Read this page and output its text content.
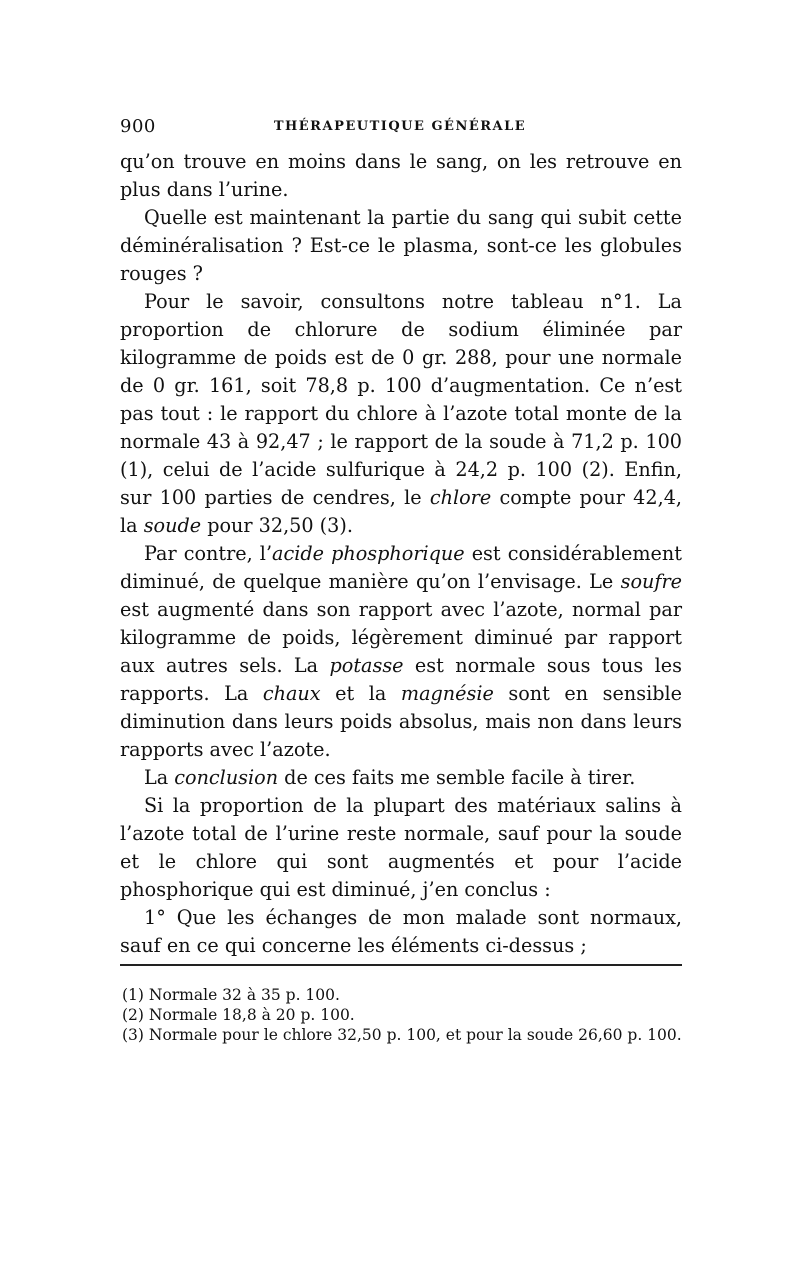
900	THÉRAPEUTIQUE GÉNÉRALE

qu’on trouve en moins dans le sang, on les retrouve en plus dans l’urine.

Quelle est maintenant la partie du sang qui subit cette déminéralisation ? Est-ce le plasma, sont-ce les globules rouges ?

Pour le savoir, consultons notre tableau n°1. La proportion de chlorure de sodium éliminée par kilogramme de poids est de 0 gr. 288, pour une normale de 0 gr. 161, soit 78,8 p. 100 d’augmentation. Ce n’est pas tout : le rapport du chlore à l’azote total monte de la normale 43 à 92,47 ; le rapport de la soude à 71,2 p. 100 (1), celui de l’acide sulfurique à 24,2 p. 100 (2). Enfin, sur 100 parties de cendres, le chlore compte pour 42,4, la soude pour 32,50 (3).

Par contre, l’acide phosphorique est considérablement diminué, de quelque manière qu’on l’envisage. Le soufre est augmenté dans son rapport avec l’azote, normal par kilogramme de poids, légèrement diminué par rapport aux autres sels. La potasse est normale sous tous les rapports. La chaux et la magnésie sont en sensible diminution dans leurs poids absolus, mais non dans leurs rapports avec l’azote.

La conclusion de ces faits me semble facile à tirer.

Si la proportion de la plupart des matériaux salins à l’azote total de l’urine reste normale, sauf pour la soude et le chlore qui sont augmentés et pour l’acide phosphorique qui est diminué, j’en conclus :

1° Que les échanges de mon malade sont normaux, sauf en ce qui concerne les éléments ci-dessus ;

(1) Normale 32 à 35 p. 100.

(2) Normale 18,8 à 20 p. 100.

(3) Normale pour le chlore 32,50 p. 100, et pour la soude 26,60 p. 100.
